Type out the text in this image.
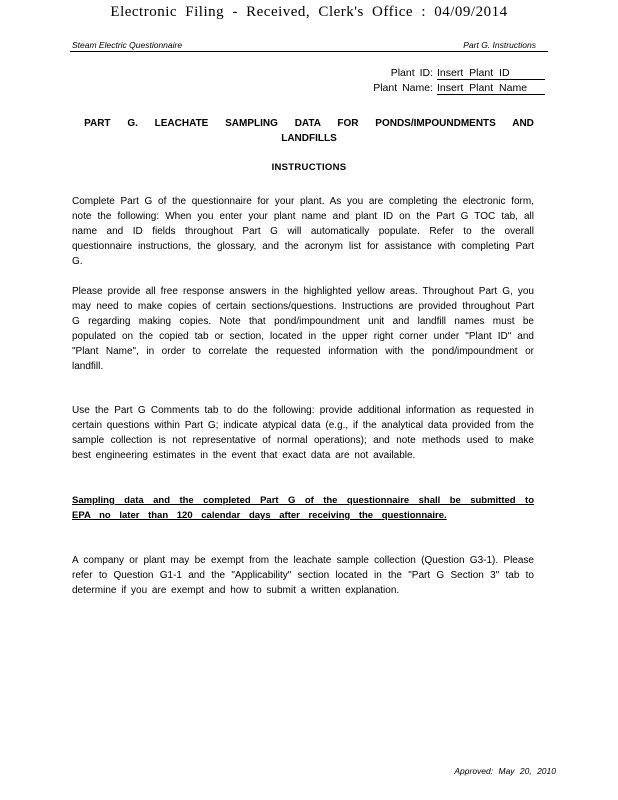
Electronic Filing - Received, Clerk's Office : 04/09/2014
Steam Electric Questionnaire	Part G. Instructions
Plant ID: Insert Plant ID
Plant Name: Insert Plant Name
PART G. LEACHATE SAMPLING DATA FOR PONDS/IMPOUNDMENTS AND LANDFILLS
INSTRUCTIONS

Complete Part G of the questionnaire for your plant. As you are completing the electronic form, note the following: When you enter your plant name and plant ID on the Part G TOC tab, all name and ID fields throughout Part G will automatically populate. Refer to the overall questionnaire instructions, the glossary, and the acronym list for assistance with completing Part G.

Please provide all free response answers in the highlighted yellow areas. Throughout Part G, you may need to make copies of certain sections/questions. Instructions are provided throughout Part G regarding making copies. Note that pond/impoundment unit and landfill names must be populated on the copied tab or section, located in the upper right corner under "Plant ID" and "Plant Name", in order to correlate the requested information with the pond/impoundment or landfill.

Use the Part G Comments tab to do the following: provide additional information as requested in certain questions within Part G; indicate atypical data (e.g., if the analytical data provided from the sample collection is not representative of normal operations); and note methods used to make best engineering estimates in the event that exact data are not available.

Sampling data and the completed Part G of the questionnaire shall be submitted to EPA no later than 120 calendar days after receiving the questionnaire.

A company or plant may be exempt from the leachate sample collection (Question G3-1). Please refer to Question G1-1 and the "Applicability" section located in the "Part G Section 3" tab to determine if you are exempt and how to submit a written explanation.

Approved: May 20, 2010
